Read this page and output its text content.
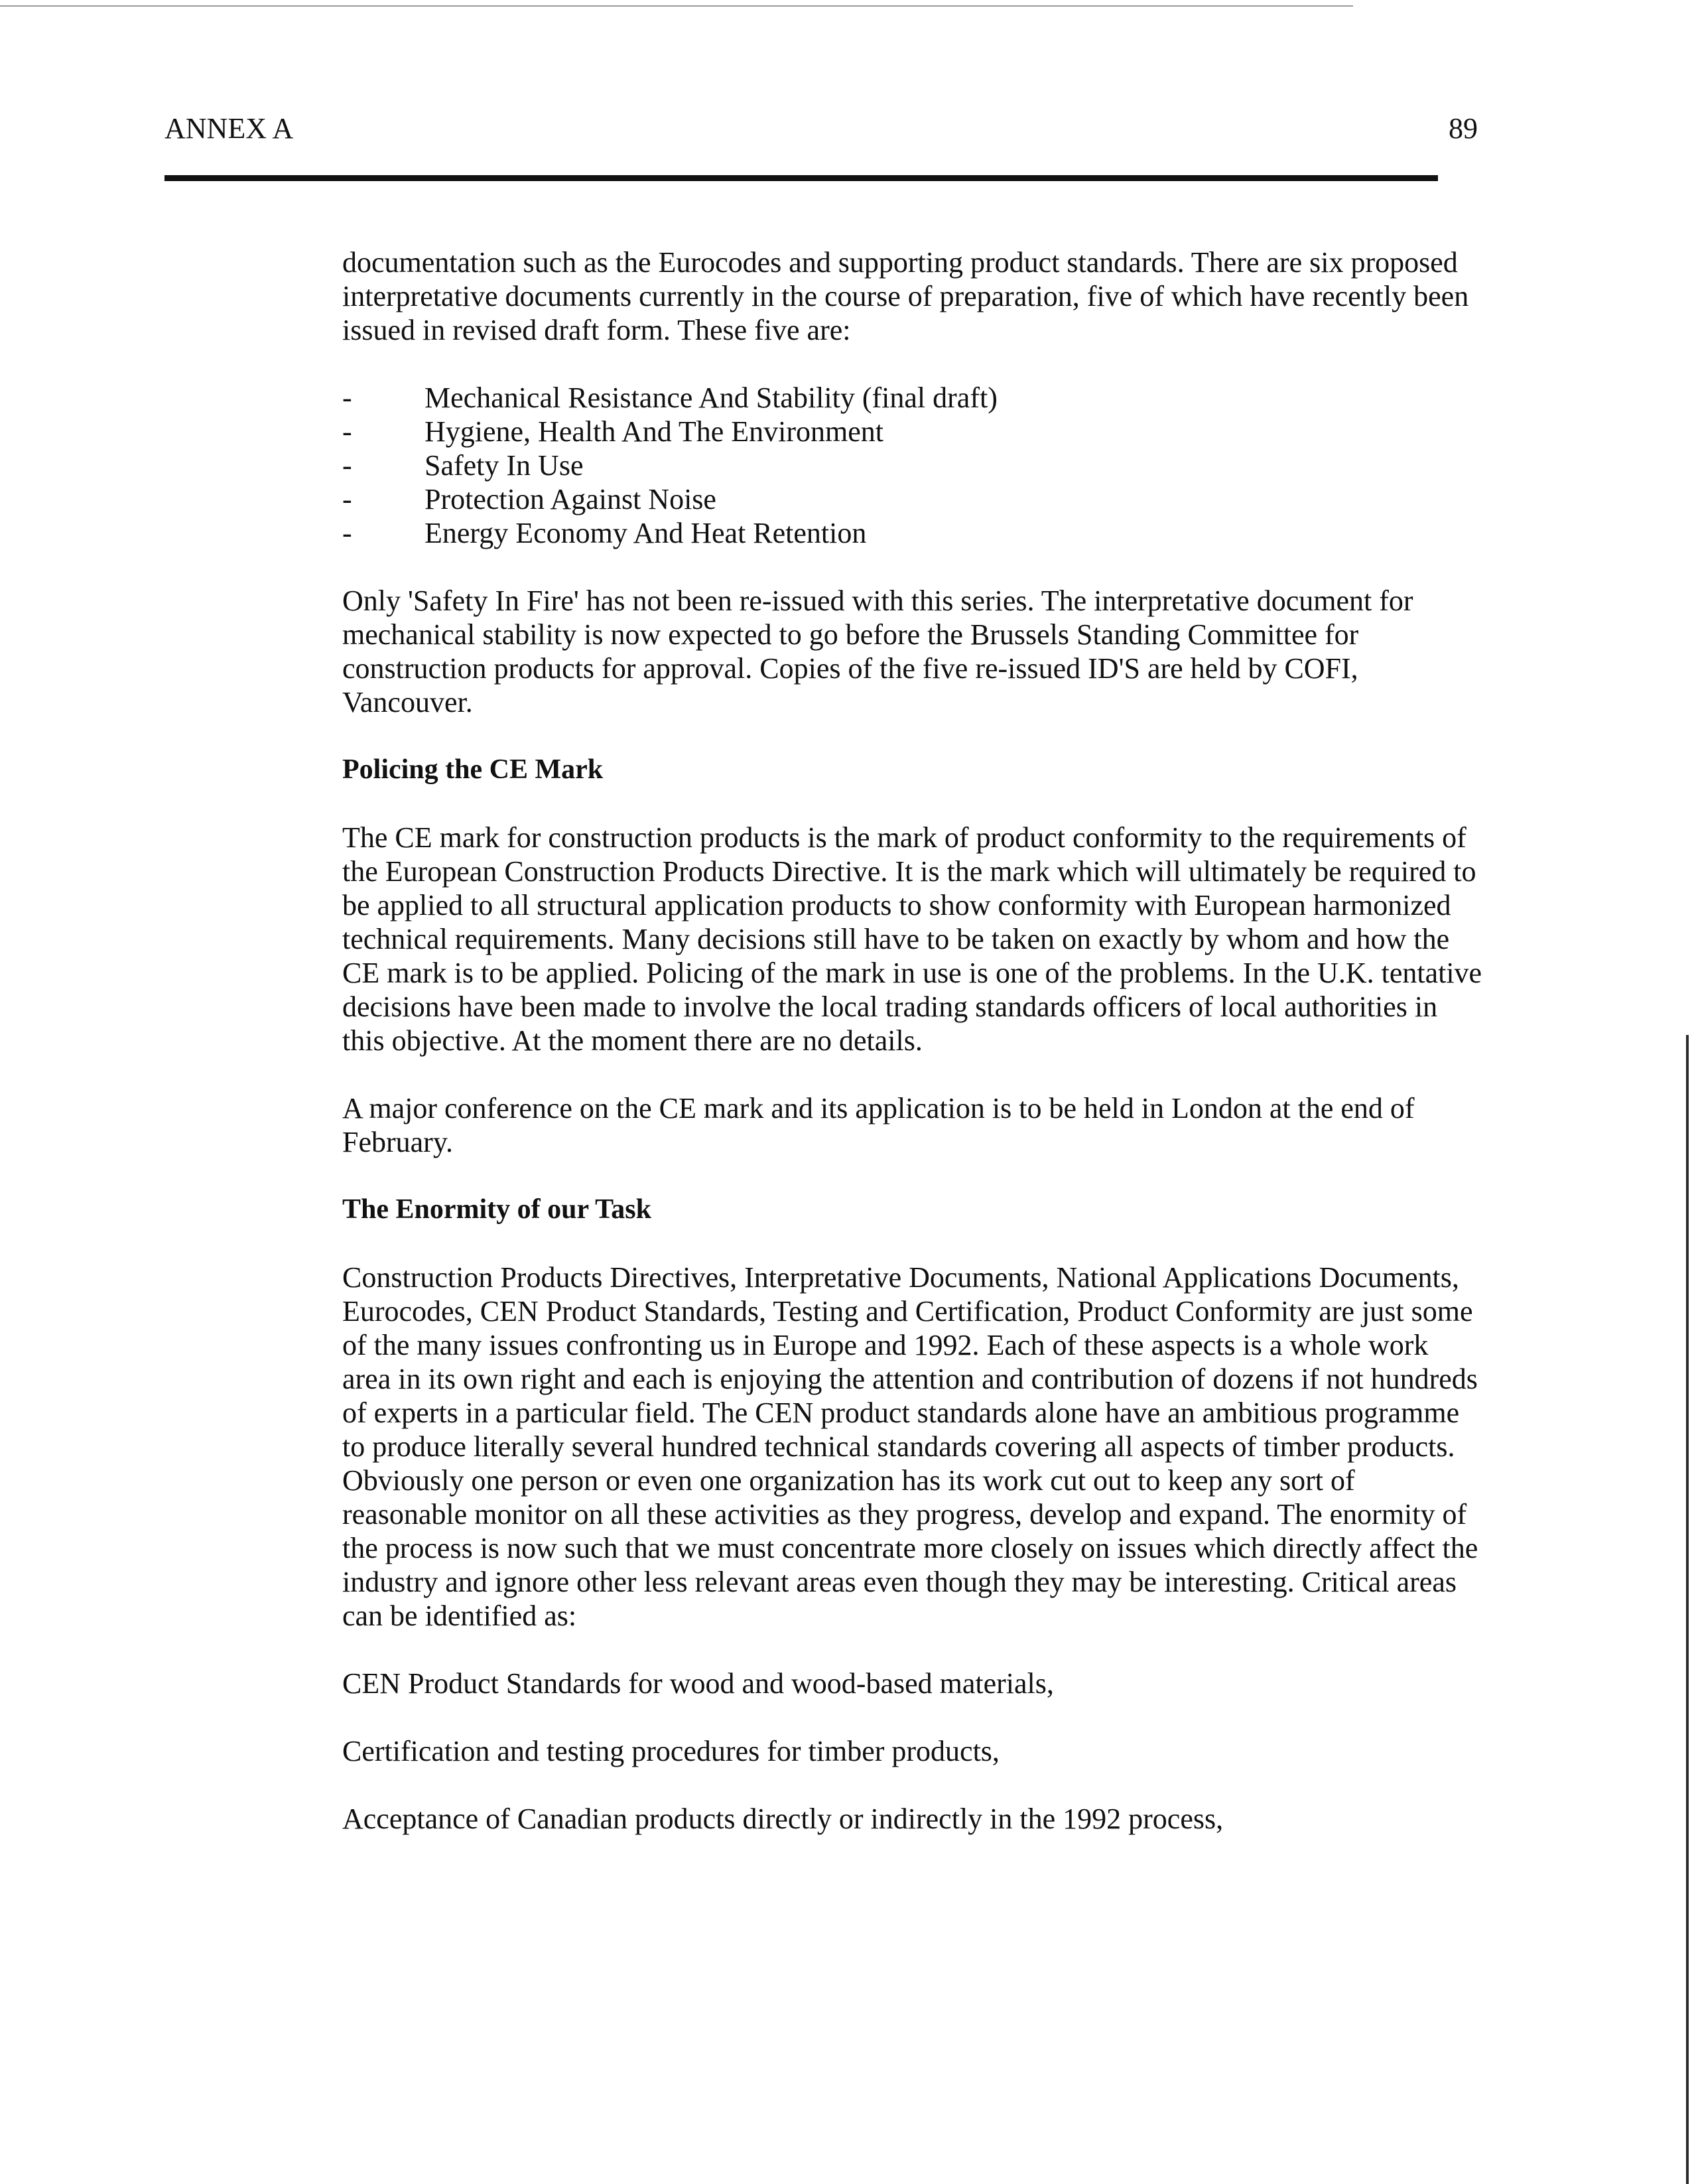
ANNEX A	89

documentation such as the Eurocodes and supporting product standards. There are six proposed interpretative documents currently in the course of preparation, five of which have recently been issued in revised draft form. These five are:

- Mechanical Resistance And Stability (final draft)
- Hygiene, Health And The Environment
- Safety In Use
- Protection Against Noise
- Energy Economy And Heat Retention

Only 'Safety In Fire' has not been re-issued with this series. The interpretative document for mechanical stability is now expected to go before the Brussels Standing Committee for construction products for approval. Copies of the five re-issued ID'S are held by COFI, Vancouver.

Policing the CE Mark

The CE mark for construction products is the mark of product conformity to the requirements of the European Construction Products Directive. It is the mark which will ultimately be required to be applied to all structural application products to show conformity with European harmonized technical requirements. Many decisions still have to be taken on exactly by whom and how the CE mark is to be applied. Policing of the mark in use is one of the problems. In the U.K. tentative decisions have been made to involve the local trading standards officers of local authorities in this objective. At the moment there are no details.

A major conference on the CE mark and its application is to be held in London at the end of February.

The Enormity of our Task

Construction Products Directives, Interpretative Documents, National Applications Documents, Eurocodes, CEN Product Standards, Testing and Certification, Product Conformity are just some of the many issues confronting us in Europe and 1992. Each of these aspects is a whole work area in its own right and each is enjoying the attention and contribution of dozens if not hundreds of experts in a particular field. The CEN product standards alone have an ambitious programme to produce literally several hundred technical standards covering all aspects of timber products. Obviously one person or even one organization has its work cut out to keep any sort of reasonable monitor on all these activities as they progress, develop and expand. The enormity of the process is now such that we must concentrate more closely on issues which directly affect the industry and ignore other less relevant areas even though they may be interesting. Critical areas can be identified as:

CEN Product Standards for wood and wood-based materials,

Certification and testing procedures for timber products,

Acceptance of Canadian products directly or indirectly in the 1992 process,
